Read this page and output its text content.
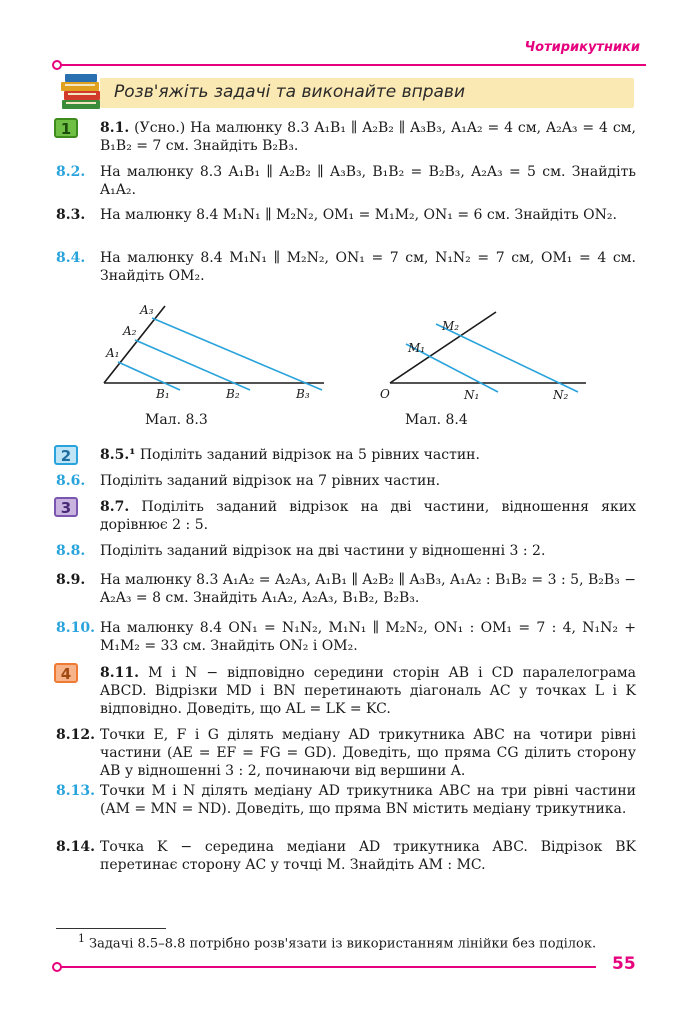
Чотирикутники
Розв'яжіть задачі та виконайте вправи
1	8.1. (Усно.) На малюнку 8.3 A₁B₁ ∥ A₂B₂ ∥ A₃B₃, A₁A₂ = 4 см, A₂A₃ = 4 см, B₁B₂ = 7 см. Знайдіть B₂B₃.
8.2. На малюнку 8.3 A₁B₁ ∥ A₂B₂ ∥ A₃B₃, B₁B₂ = B₂B₃, A₂A₃ = 5 см. Знайдіть A₁A₂.
8.3. На малюнку 8.4 M₁N₁ ∥ M₂N₂, OM₁ = M₁M₂, ON₁ = 6 см. Знайдіть ON₂.
8.4. На малюнку 8.4 M₁N₁ ∥ M₂N₂, ON₁ = 7 см, N₁N₂ = 7 см, OM₁ = 4 см. Знайдіть OM₂.
A₃
A₂
A₁
B₁	B₂	B₃
Мал. 8.3
M₂
M₁
O	N₁	N₂
Мал. 8.4
2	8.5.¹ Поділіть заданий відрізок на 5 рівних частин.
8.6. Поділіть заданий відрізок на 7 рівних частин.
3	8.7. Поділіть заданий відрізок на дві частини, відношення яких дорівнює 2 : 5.
8.8. Поділіть заданий відрізок на дві частини у відношенні 3 : 2.
8.9. На малюнку 8.3 A₁A₂ = A₂A₃, A₁B₁ ∥ A₂B₂ ∥ A₃B₃, A₁A₂ : B₁B₂ = 3 : 5, B₂B₃ − A₂A₃ = 8 см. Знайдіть A₁A₂, A₂A₃, B₁B₂, B₂B₃.
8.10. На малюнку 8.4 ON₁ = N₁N₂, M₁N₁ ∥ M₂N₂, ON₁ : OM₁ = 7 : 4, N₁N₂ + M₁M₂ = 33 см. Знайдіть ON₂ і OM₂.
4	8.11. M і N − відповідно середини сторін AB і CD паралелограма ABCD. Відрізки MD і BN перетинають діагональ AC у точках L і K відповідно. Доведіть, що AL = LK = KC.
8.12. Точки E, F і G ділять медіану AD трикутника ABC на чотири рівні частини (AE = EF = FG = GD). Доведіть, що пряма CG ділить сторону AB у відношенні 3 : 2, починаючи від вершини A.
8.13. Точки M і N ділять медіану AD трикутника ABC на три рівні частини (AM = MN = ND). Доведіть, що пряма BN містить медіану трикутника.
8.14. Точка K − середина медіани AD трикутника ABC. Відрізок BK перетинає сторону AC у точці M. Знайдіть AM : MC.
$^1$ Задачі 8.5–8.8 потрібно розв'язати із використанням лінійки без поділок.
55
